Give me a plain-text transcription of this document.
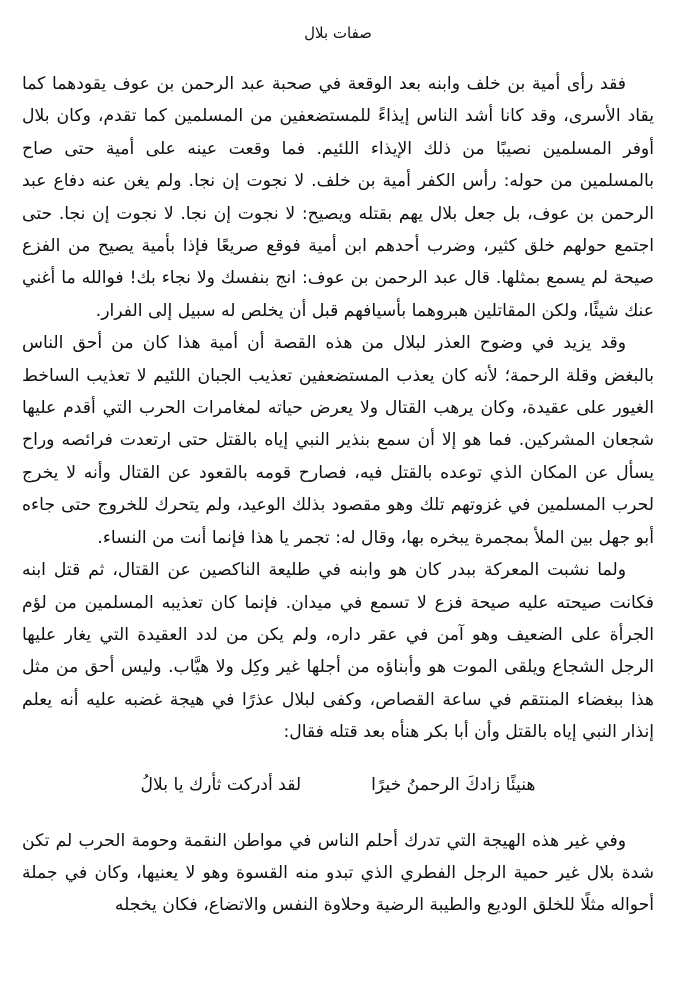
صفات بلال

فقد رأى أمية بن خلف وابنه بعد الوقعة في صحبة عبد الرحمن بن عوف يقودهما كما يقاد الأسرى، وقد كانا أشد الناس إيذاءً للمستضعفين من المسلمين كما تقدم، وكان بلال أوفر المسلمين نصيبًا من ذلك الإيذاء اللئيم. فما وقعت عينه على أمية حتى صاح بالمسلمين من حوله: رأس الكفر أمية بن خلف. لا نجوت إن نجا. ولم يغن عنه دفاع عبد الرحمن بن عوف، بل جعل بلال يهم بقتله ويصيح: لا نجوت إن نجا. لا نجوت إن نجا. حتى اجتمع حولهم خلق كثير، وضرب أحدهم ابن أمية فوقع صريعًا فإذا بأمية يصيح من الفزع صيحة لم يسمع بمثلها. قال عبد الرحمن بن عوف: انج بنفسك ولا نجاء بك! فوالله ما أغني عنك شيئًا، ولكن المقاتلين هبروهما بأسيافهم قبل أن يخلص له سبيل إلى الفرار.

وقد يزيد في وضوح العذر لبلال من هذه القصة أن أمية هذا كان من أحق الناس بالبغض وقلة الرحمة؛ لأنه كان يعذب المستضعفين تعذيب الجبان اللئيم لا تعذيب الساخط الغيور على عقيدة، وكان يرهب القتال ولا يعرض حياته لمغامرات الحرب التي أقدم عليها شجعان المشركين. فما هو إلا أن سمع بنذير النبي إياه بالقتل حتى ارتعدت فرائصه وراح يسأل عن المكان الذي توعده بالقتل فيه، فصارح قومه بالقعود عن القتال وأنه لا يخرج لحرب المسلمين في غزوتهم تلك وهو مقصود بذلك الوعيد، ولم يتحرك للخروج حتى جاءه أبو جهل بين الملأ بمجمرة يبخره بها، وقال له: تجمر يا هذا فإنما أنت من النساء.

ولما نشبت المعركة ببدر كان هو وابنه في طليعة الناكصين عن القتال، ثم قتل ابنه فكانت صيحته عليه صيحة فزع لا تسمع في ميدان. فإنما كان تعذيبه المسلمين من لؤم الجرأة على الضعيف وهو آمن في عقر داره، ولم يكن من لدد العقيدة التي يغار عليها الرجل الشجاع ويلقى الموت هو وأبناؤه من أجلها غير وكِل ولا هيَّاب. وليس أحق من مثل هذا ببغضاء المنتقم في ساعة القصاص، وكفى لبلال عذرًا في هيجة غضبه عليه أنه يعلم إنذار النبي إياه بالقتل وأن أبا بكر هنأه بعد قتله فقال:

هنيئًا زادكَ الرحمنُ خيرًا
لقد أدركت ثأرك يا بلالُ

وفي غير هذه الهيجة التي تدرك أحلم الناس في مواطن النقمة وحومة الحرب لم تكن شدة بلال غير حمية الرجل الفطري الذي تبدو منه القسوة وهو لا يعنيها، وكان في جملة أحواله مثلًا للخلق الوديع والطيبة الرضية وحلاوة النفس والاتضاع، فكان يخجله
